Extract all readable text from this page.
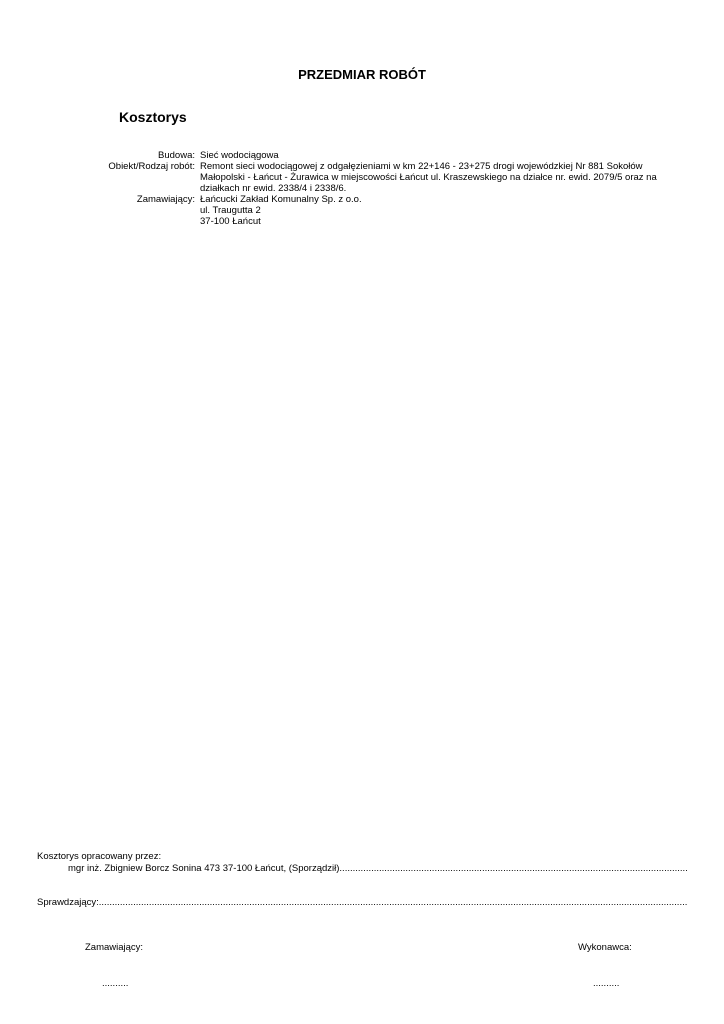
PRZEDMIAR ROBÓT
Kosztorys
Budowa: Sieć wodociągowa
Obiekt/Rodzaj robót: Remont sieci wodociągowej z odgałęzieniami w km 22+146 - 23+275 drogi wojewódzkiej Nr 881 Sokołów
Małopolski - Łańcut - Żurawica w miejscowości Łańcut ul. Kraszewskiego na działce nr. ewid. 2079/5 oraz na
działkach nr ewid. 2338/4 i 2338/6.
Zamawiający: Łańcucki Zakład Komunalny Sp. z o.o.
ul. Traugutta 2
37-100 Łańcut
Kosztorys opracowany przez:
mgr inż. Zbigniew Borcz Sonina 473 37-100 Łańcut, (Sporządził)
.....
Sprawdzający:
.....
Zamawiający:	Wykonawca:
..........	..........
